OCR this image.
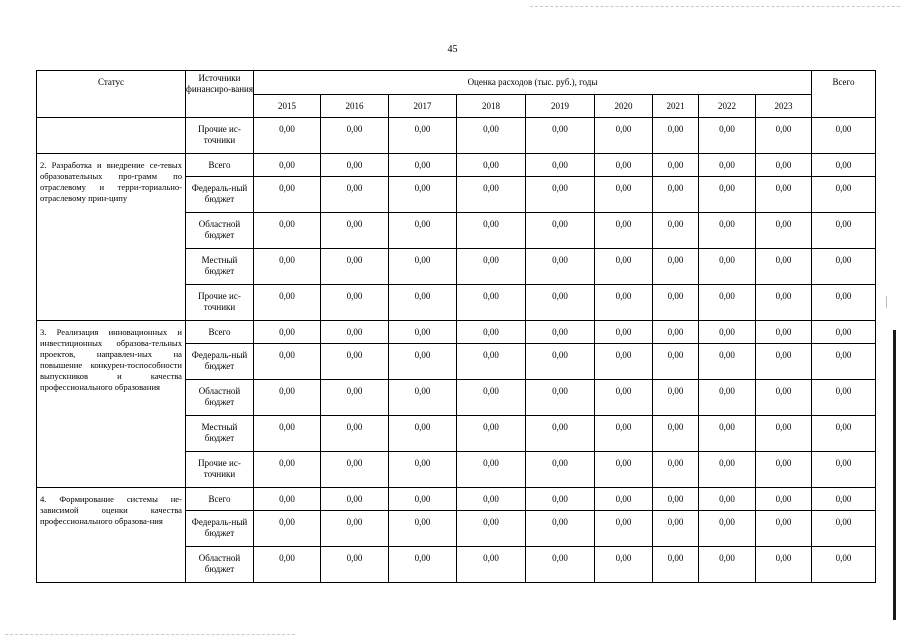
45
Статус	Источники финансиро-вания	Оценка расходов (тыс. руб.), годы									Всего
		2015	2016	2017	2018	2019	2020	2021	2022	2023	
	Прочие ис-точники	0,00	0,00	0,00	0,00	0,00	0,00	0,00	0,00	0,00	0,00
2. Разработка и внедрение се-тевых образовательных про-грамм по отраслевому и терри-ториально-отраслевому прин-ципу	Всего	0,00	0,00	0,00	0,00	0,00	0,00	0,00	0,00	0,00	0,00
	Федераль-ный бюджет	0,00	0,00	0,00	0,00	0,00	0,00	0,00	0,00	0,00	0,00
	Областной бюджет	0,00	0,00	0,00	0,00	0,00	0,00	0,00	0,00	0,00	0,00
	Местный бюджет	0,00	0,00	0,00	0,00	0,00	0,00	0,00	0,00	0,00	0,00
	Прочие ис-точники	0,00	0,00	0,00	0,00	0,00	0,00	0,00	0,00	0,00	0,00
3. Реализация инновационных и инвестиционных образова-тельных проектов, направлен-ных на повышение конкурен-тоспособности выпускников и качества профессионального образования	Всего	0,00	0,00	0,00	0,00	0,00	0,00	0,00	0,00	0,00	0,00
	Федераль-ный бюджет	0,00	0,00	0,00	0,00	0,00	0,00	0,00	0,00	0,00	0,00
	Областной бюджет	0,00	0,00	0,00	0,00	0,00	0,00	0,00	0,00	0,00	0,00
	Местный бюджет	0,00	0,00	0,00	0,00	0,00	0,00	0,00	0,00	0,00	0,00
	Прочие ис-точники	0,00	0,00	0,00	0,00	0,00	0,00	0,00	0,00	0,00	0,00
4. Формирование системы не-зависимой оценки качества профессионального образова-ния	Всего	0,00	0,00	0,00	0,00	0,00	0,00	0,00	0,00	0,00	0,00
	Федераль-ный бюджет	0,00	0,00	0,00	0,00	0,00	0,00	0,00	0,00	0,00	0,00
	Областной бюджет	0,00	0,00	0,00	0,00	0,00	0,00	0,00	0,00	0,00	0,00
